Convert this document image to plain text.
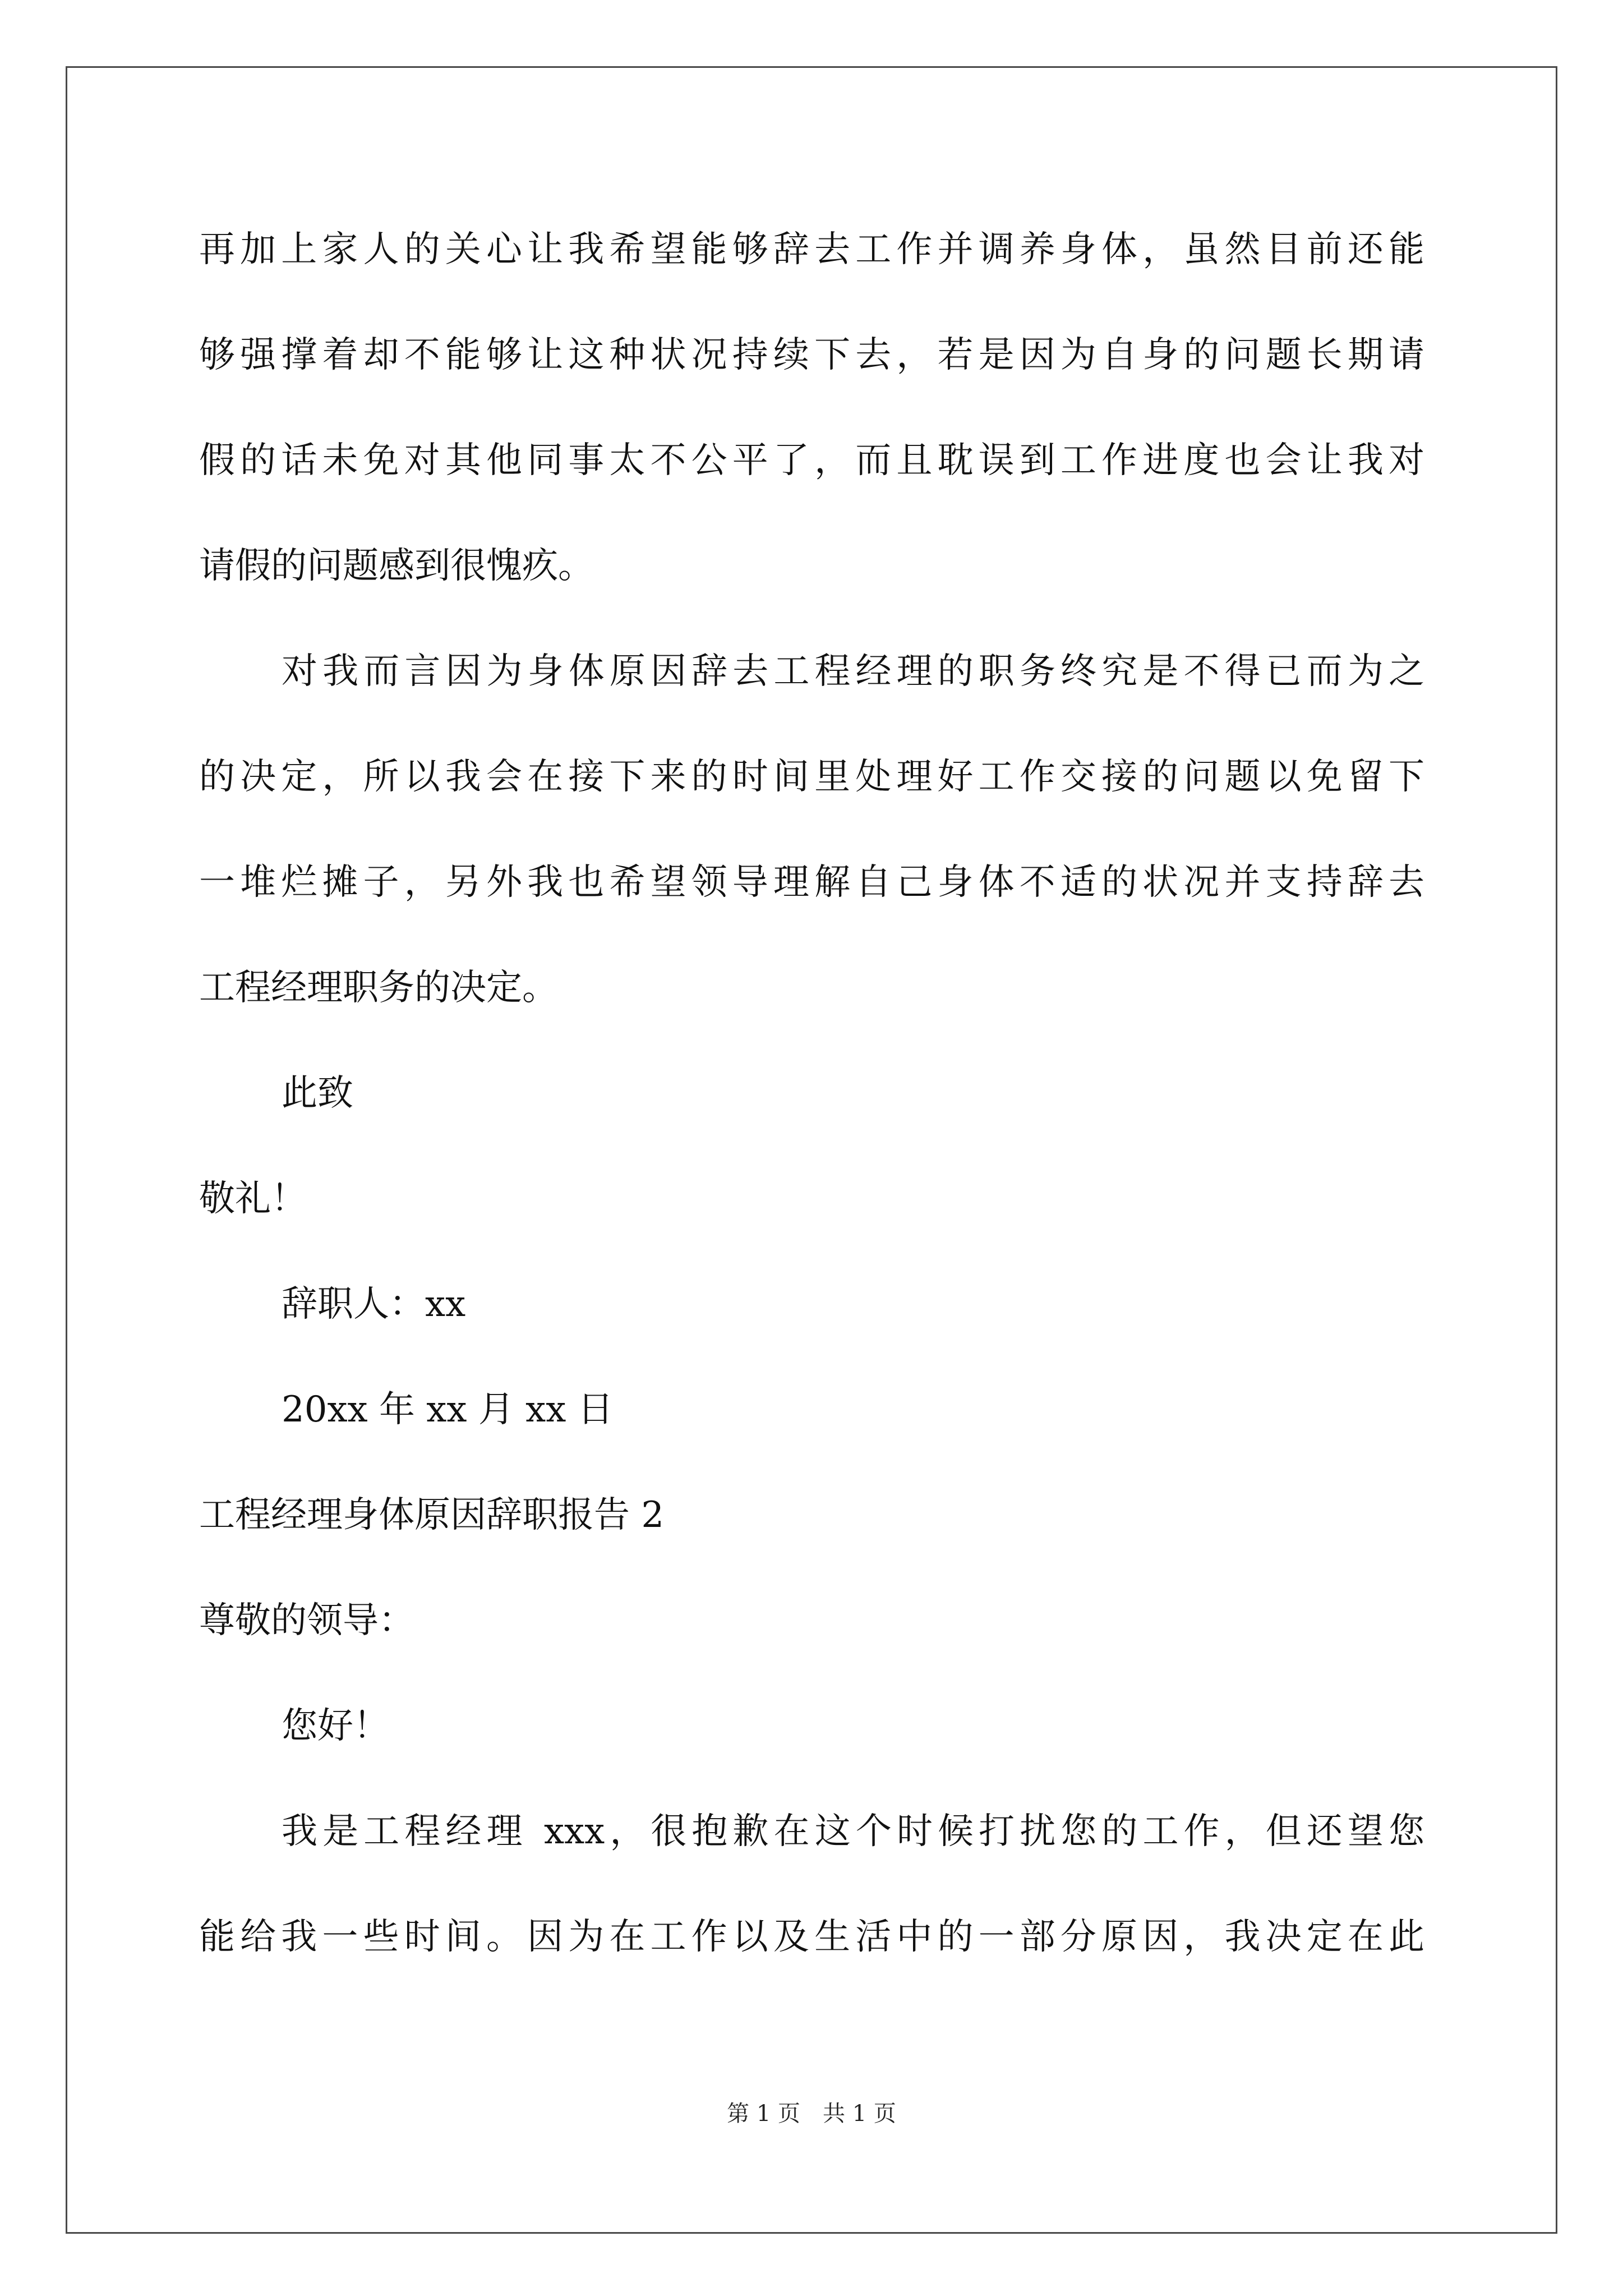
再加上家人的关心让我希望能够辞去工作并调养身体，虽然目前还能

够强撑着却不能够让这种状况持续下去，若是因为自身的问题长期请

假的话未免对其他同事太不公平了，而且耽误到工作进度也会让我对

请假的问题感到很愧疚。

对我而言因为身体原因辞去工程经理的职务终究是不得已而为之

的决定，所以我会在接下来的时间里处理好工作交接的问题以免留下

一堆烂摊子，另外我也希望领导理解自己身体不适的状况并支持辞去

工程经理职务的决定。

此致

敬礼！

辞职人：xx

20xx 年 xx 月 xx 日

工程经理身体原因辞职报告 2

尊敬的领导：

您好！

我是工程经理 xxx，很抱歉在这个时候打扰您的工作，但还望您

能给我一些时间。因为在工作以及生活中的一部分原因，我决定在此

第 1 页　共 1 页
